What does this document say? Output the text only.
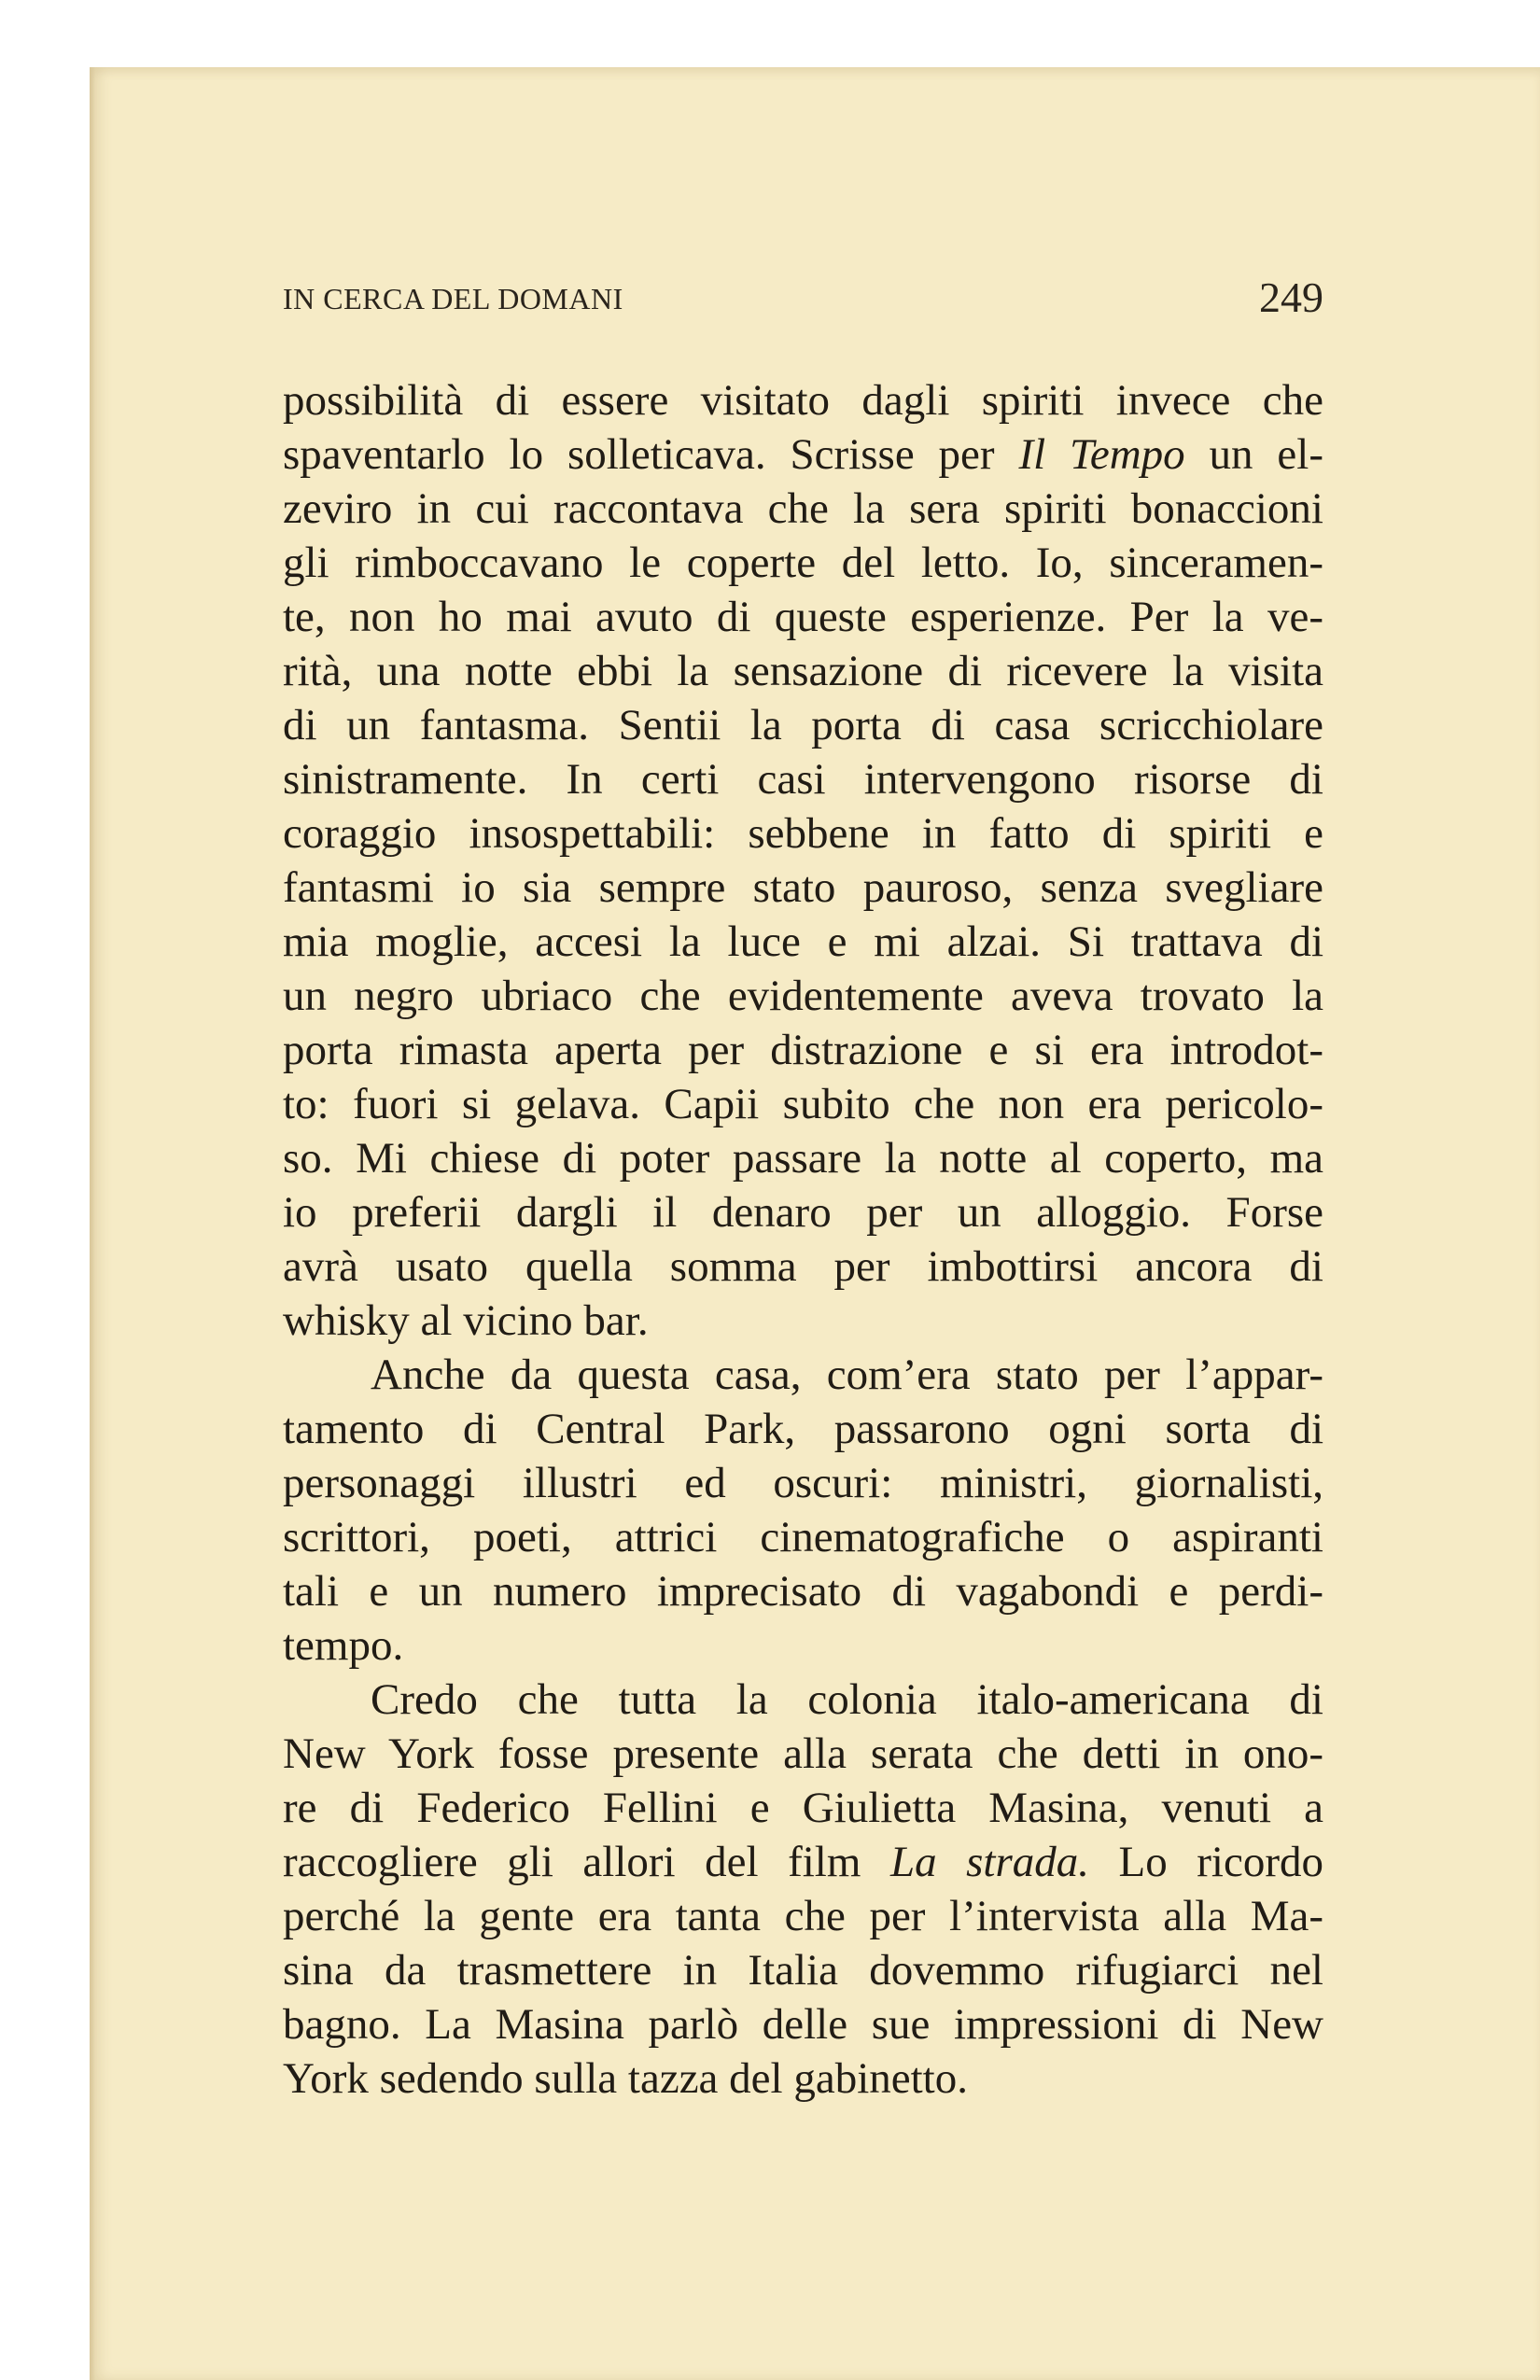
IN CERCA DEL DOMANI	249
possibilità di essere visitato dagli spiriti invece che
spaventarlo lo solleticava. Scrisse per Il Tempo un el-
zeviro in cui raccontava che la sera spiriti bonaccioni
gli rimboccavano le coperte del letto. Io, sinceramen-
te, non ho mai avuto di queste esperienze. Per la ve-
rità, una notte ebbi la sensazione di ricevere la visita
di un fantasma. Sentii la porta di casa scricchiolare
sinistramente. In certi casi intervengono risorse di
coraggio insospettabili: sebbene in fatto di spiriti e
fantasmi io sia sempre stato pauroso, senza svegliare
mia moglie, accesi la luce e mi alzai. Si trattava di
un negro ubriaco che evidentemente aveva trovato la
porta rimasta aperta per distrazione e si era introdot-
to: fuori si gelava. Capii subito che non era pericolo-
so. Mi chiese di poter passare la notte al coperto, ma
io preferii dargli il denaro per un alloggio. Forse
avrà usato quella somma per imbottirsi ancora di
whisky al vicino bar.
Anche da questa casa, com’era stato per l’appar-
tamento di Central Park, passarono ogni sorta di
personaggi illustri ed oscuri: ministri, giornalisti,
scrittori, poeti, attrici cinematografiche o aspiranti
tali e un numero imprecisato di vagabondi e perdi-
tempo.
Credo che tutta la colonia italo-americana di
New York fosse presente alla serata che detti in ono-
re di Federico Fellini e Giulietta Masina, venuti a
raccogliere gli allori del film La strada. Lo ricordo
perché la gente era tanta che per l’intervista alla Ma-
sina da trasmettere in Italia dovemmo rifugiarci nel
bagno. La Masina parlò delle sue impressioni di New
York sedendo sulla tazza del gabinetto.
